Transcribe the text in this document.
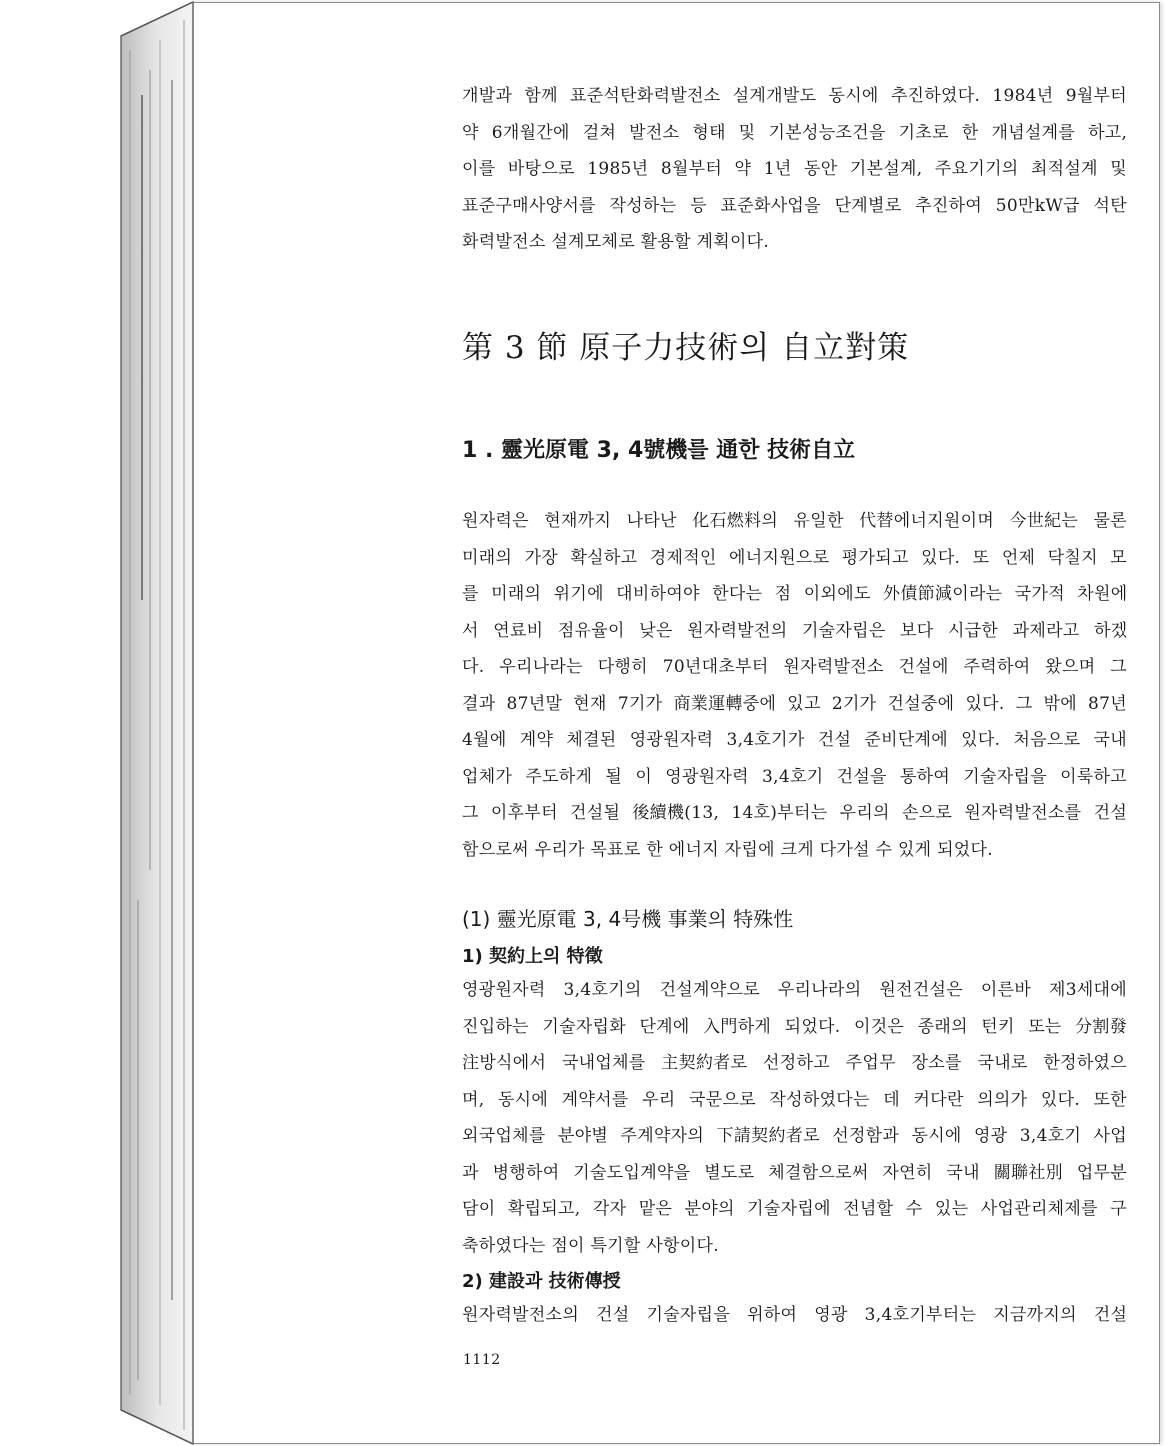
개발과 함께 표준석탄화력발전소 설계개발도 동시에 추진하였다. 1984년 9월부터
약 6개월간에 걸쳐 발전소 형태 및 기본성능조건을 기초로 한 개념설계를 하고,
이를 바탕으로 1985년 8월부터 약 1년 동안 기본설계, 주요기기의 최적설계 및
표준구매사양서를 작성하는 등 표준화사업을 단계별로 추진하여 50만kW급 석탄
화력발전소 설계모체로 활용할 계획이다.
第 3 節 原子力技術의 自立對策
1 . 靈光原電 3, 4號機를 通한 技術自立
원자력은 현재까지 나타난 化石燃料의 유일한 代替에너지원이며 今世紀는 물론
미래의 가장 확실하고 경제적인 에너지원으로 평가되고 있다. 또 언제 닥칠지 모
를 미래의 위기에 대비하여야 한다는 점 이외에도 外債節減이라는 국가적 차원에
서 연료비 점유율이 낮은 원자력발전의 기술자립은 보다 시급한 과제라고 하겠
다. 우리나라는 다행히 70년대초부터 원자력발전소 건설에 주력하여 왔으며 그
결과 87년말 현재 7기가 商業運轉중에 있고 2기가 건설중에 있다. 그 밖에 87년
4월에 계약 체결된 영광원자력 3,4호기가 건설 준비단계에 있다. 처음으로 국내
업체가 주도하게 될 이 영광원자력 3,4호기 건설을 통하여 기술자립을 이룩하고
그 이후부터 건설될 後續機(13, 14호)부터는 우리의 손으로 원자력발전소를 건설
함으로써 우리가 목표로 한 에너지 자립에 크게 다가설 수 있게 되었다.
(1) 靈光原電 3, 4号機 事業의 特殊性
1) 契約上의 特徵
영광원자력 3,4호기의 건설계약으로 우리나라의 원전건설은 이른바 제3세대에
진입하는 기술자립화 단계에 入門하게 되었다. 이것은 종래의 턴키 또는 分割發
注방식에서 국내업체를 主契約者로 선정하고 주업무 장소를 국내로 한정하였으
며, 동시에 계약서를 우리 국문으로 작성하였다는 데 커다란 의의가 있다. 또한
외국업체를 분야별 주계약자의 下請契約者로 선정함과 동시에 영광 3,4호기 사업
과 병행하여 기술도입계약을 별도로 체결함으로써 자연히 국내 關聯社別 업무분
담이 확립되고, 각자 맡은 분야의 기술자립에 전념할 수 있는 사업관리체제를 구
축하였다는 점이 특기할 사항이다.
2) 建設과 技術傳授
원자력발전소의 건설 기술자립을 위하여 영광 3,4호기부터는 지금까지의 건설
1112
